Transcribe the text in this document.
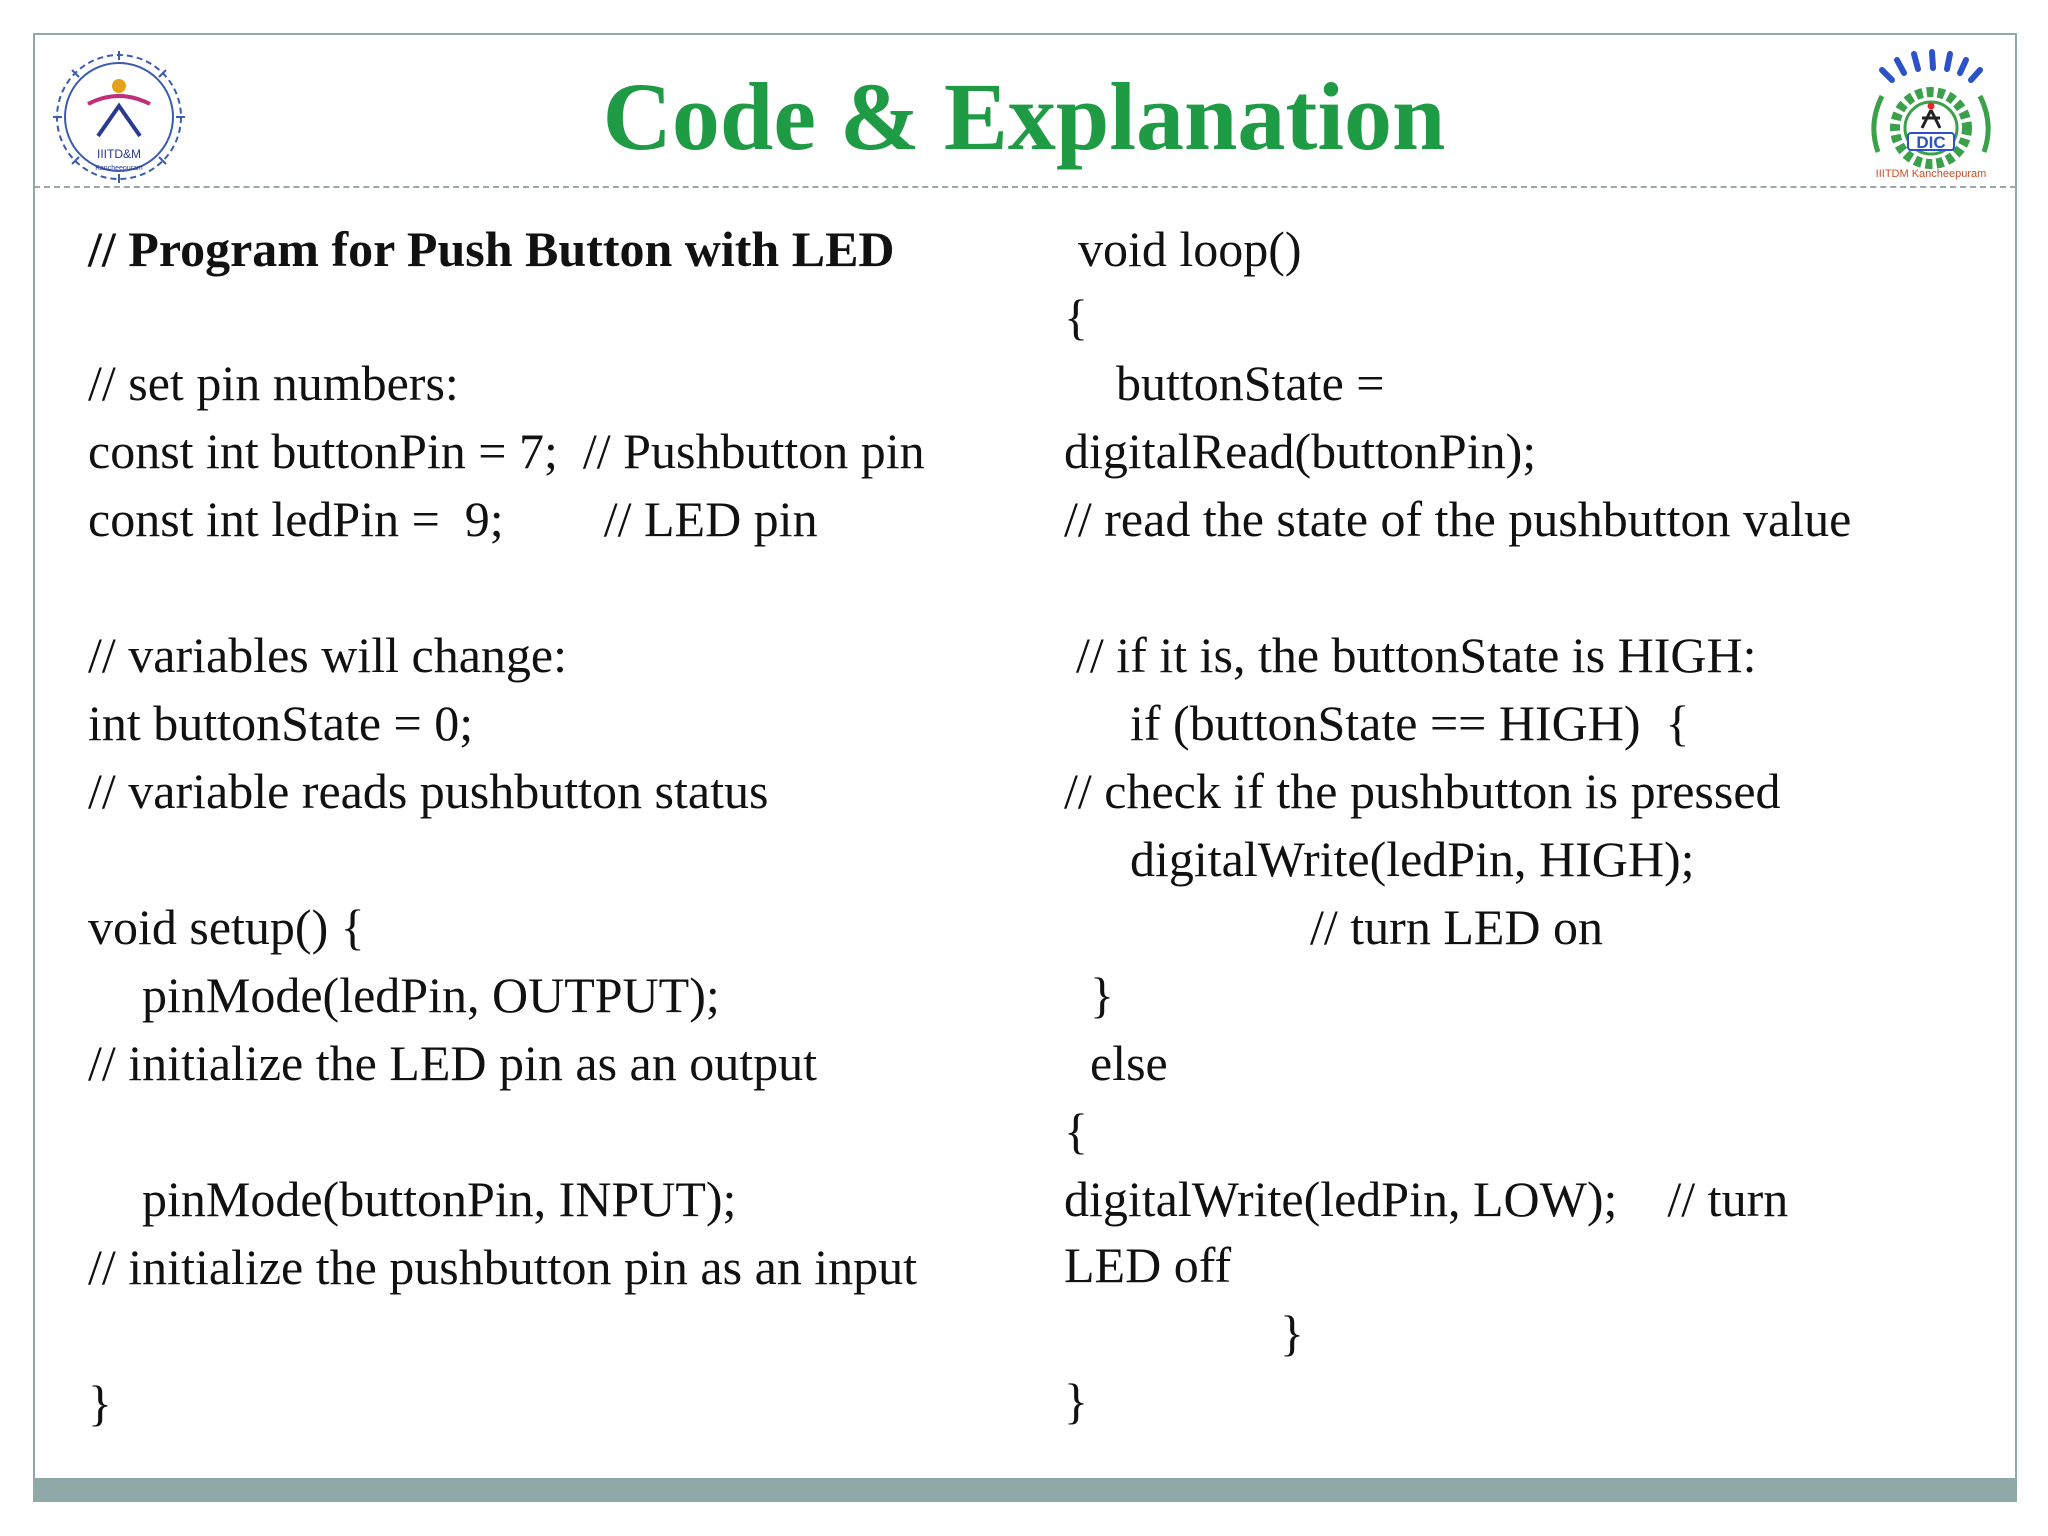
IIITD&M
Kancheepuram
DIC
IIITDM Kancheepuram
Code & Explanation
// Program for Push Button with LED
// set pin numbers:
const int buttonPin = 7;  // Pushbutton pin
const int ledPin =  9;        // LED pin
// variables will change:
int buttonState = 0;
// variable reads pushbutton status
void setup() {
pinMode(ledPin, OUTPUT);
// initialize the LED pin as an output
pinMode(buttonPin, INPUT);
// initialize the pushbutton pin as an input
}
void loop()
{
buttonState =
digitalRead(buttonPin);
// read the state of the pushbutton value
// if it is, the buttonState is HIGH:
if (buttonState == HIGH)  {
// check if the pushbutton is pressed
digitalWrite(ledPin, HIGH);
// turn LED on
}
else
{
digitalWrite(ledPin, LOW);    // turn
LED off
}
}
